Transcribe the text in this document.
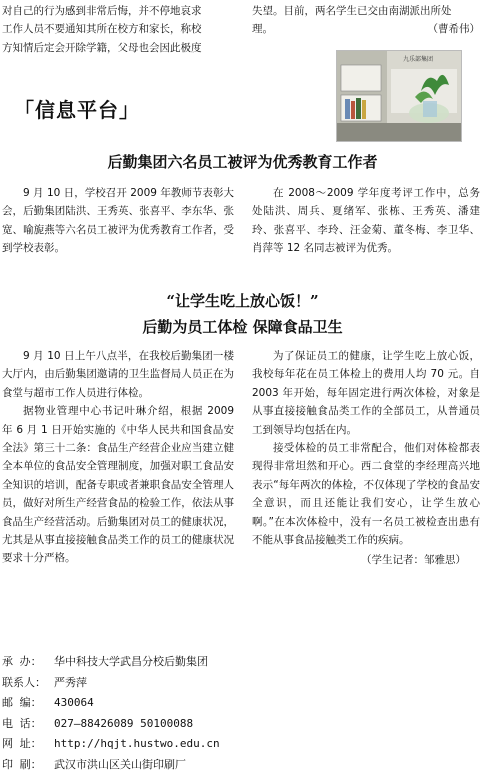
对自己的行为感到非常后悔，并不停地哀求

工作人员不要通知其所在校方和家长，称校

方知情后定会开除学籍，父母也会因此极度

失望。目前，两名学生已交由南湖派出所处

理。	（曹希伟）

「信息平台」
九乐部集团
后勤集团六名员工被评为优秀教育工作者

9 月 10 日，学校召开 2009 年教师节表彰大会，后勤集团陆洪、王秀英、张喜平、李东华、张宽、喻旎燕等六名员工被评为优秀教育工作者，受到学校表彰。

在 2008～2009 学年度考评工作中，总务处陆洪、周兵、夏绪军、张栋、王秀英、潘建玲、张喜平、李玲、汪金菊、董冬梅、李卫华、肖萍等 12 名同志被评为优秀。

“让学生吃上放心饭！”
后勤为员工体检 保障食品卫生

9 月 10 日上午八点半，在我校后勤集团一楼大厅内，由后勤集团邀请的卫生监督局人员正在为食堂与超市工作人员进行体检。

据物业管理中心书记叶琳介绍，根据 2009 年 6 月 1 日开始实施的《中华人民共和国食品安全法》第三十二条：食品生产经营企业应当建立健全本单位的食品安全管理制度，加强对职工食品安全知识的培训，配备专职或者兼职食品安全管理人员，做好对所生产经营食品的检验工作，依法从事食品生产经营活动。后勤集团对员工的健康状况，尤其是从事直接接触食品类工作的员工的健康状况要求十分严格。

为了保证员工的健康，让学生吃上放心饭，我校每年花在员工体检上的费用人均 70 元。自 2003 年开始，每年固定进行两次体检，对象是从事直接接触食品类工作的全部员工，从普通员工到领导均包括在内。

接受体检的员工非常配合，他们对体检都表现得非常坦然和开心。西二食堂的李经理高兴地表示“每年两次的体检，不仅体现了学校的食品安全意识，而且还能让我们安心，让学生放心啊。”在本次体检中，没有一名员工被检查出患有不能从事食品接触类工作的疾病。

（学生记者：邹雅思）

承 办： 华中科技大学武昌分校后勤集团
联系人： 严秀萍
邮 编： 430064
电 话： 027—88426089 50100088
网 址： http://hqjt.hustwo.edu.cn
印 刷： 武汉市洪山区关山街印刷厂
